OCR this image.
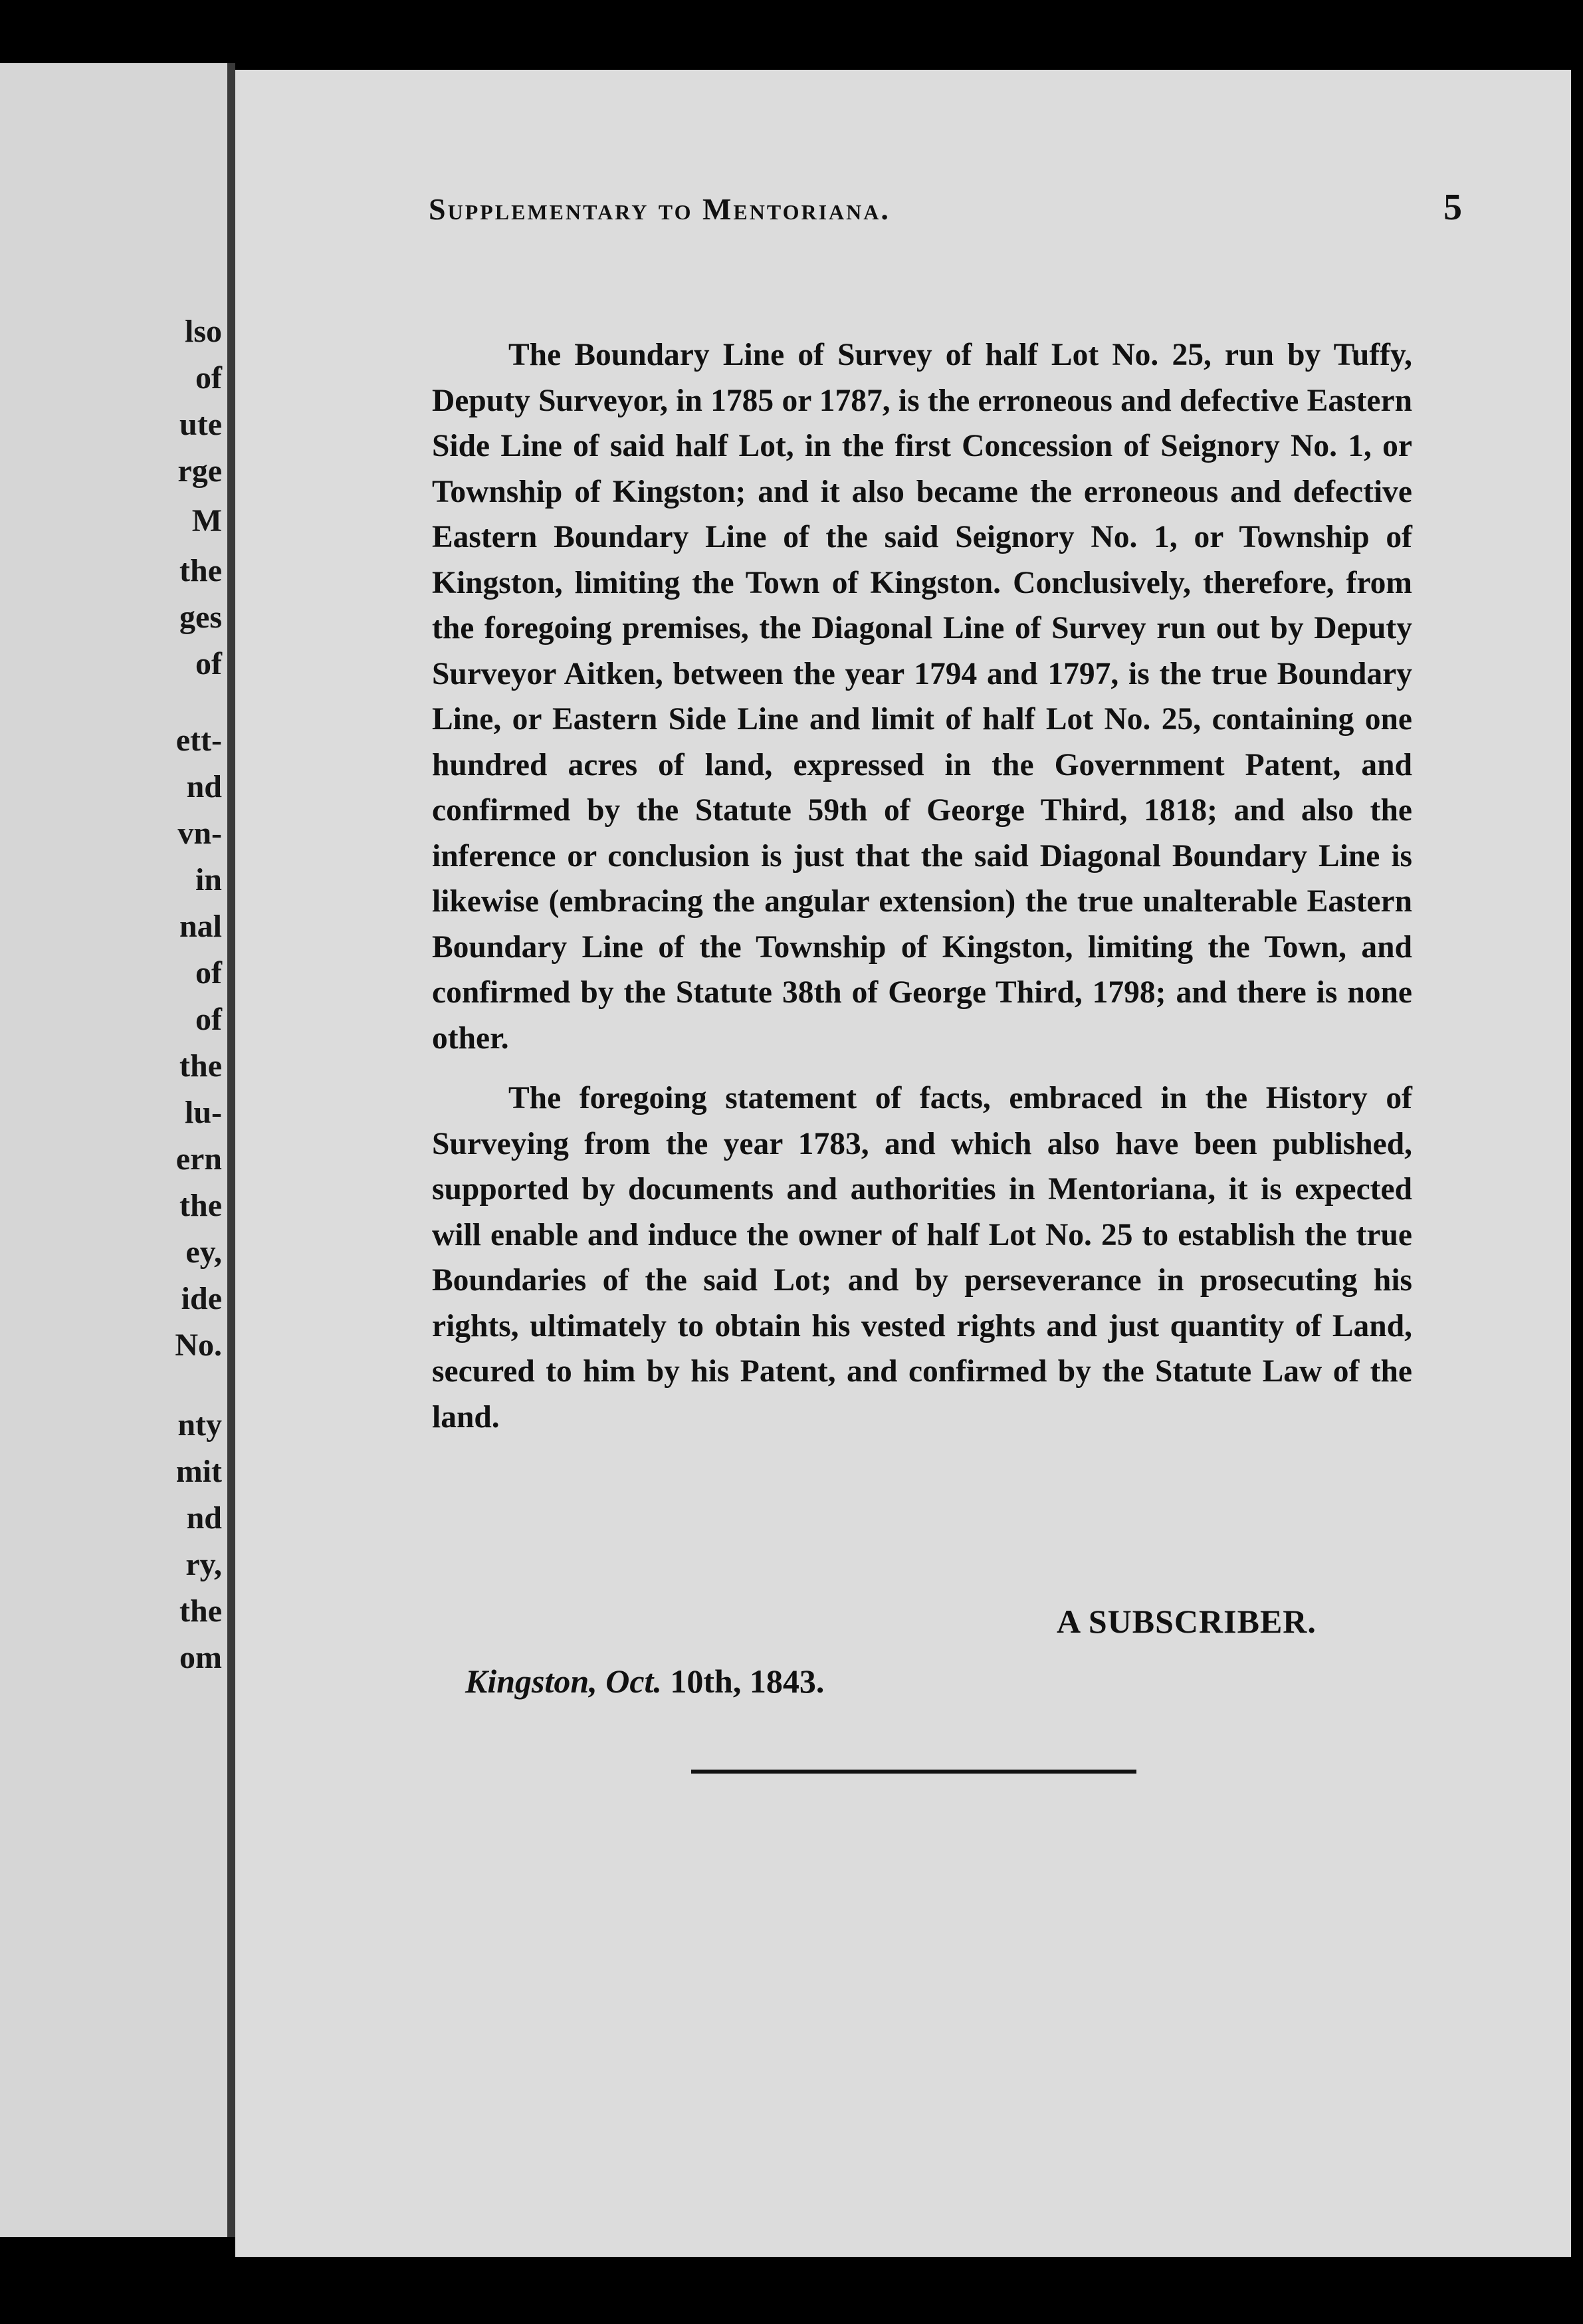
lso
of
ute
rge
M
the
ges
of
ett-
nd
vn-
in
nal
of
of
the
lu-
ern
the
ey,
ide
No.
nty
mit
nd
ry,
the
om
Supplementary to Mentoriana.	5

The Boundary Line of Survey of half Lot No. 25, run by Tuffy, Deputy Surveyor, in 1785 or 1787, is the erroneous and defective Eastern Side Line of said half Lot, in the first Concession of Seignory No. 1, or Township of Kingston; and it also became the erroneous and defective Eastern Boundary Line of the said Seignory No. 1, or Township of Kingston, limiting the Town of Kingston. Conclusively, therefore, from the foregoing premises, the Diagonal Line of Survey run out by Deputy Surveyor Aitken, between the year 1794 and 1797, is the true Boundary Line, or Eastern Side Line and limit of half Lot No. 25, containing one hundred acres of land, expressed in the Government Patent, and confirmed by the Statute 59th of George Third, 1818; and also the inference or conclusion is just that the said Diagonal Boundary Line is likewise (embracing the angular extension) the true unalterable Eastern Boundary Line of the Township of Kingston, limiting the Town, and confirmed by the Statute 38th of George Third, 1798; and there is none other.

The foregoing statement of facts, embraced in the History of Surveying from the year 1783, and which also have been published, supported by documents and authorities in Mentoriana, it is expected will enable and induce the owner of half Lot No. 25 to establish the true Boundaries of the said Lot; and by perseverance in prosecuting his rights, ultimately to obtain his vested rights and just quantity of Land, secured to him by his Patent, and confirmed by the Statute Law of the land.

A SUBSCRIBER.
Kingston, Oct. 10th, 1843.
